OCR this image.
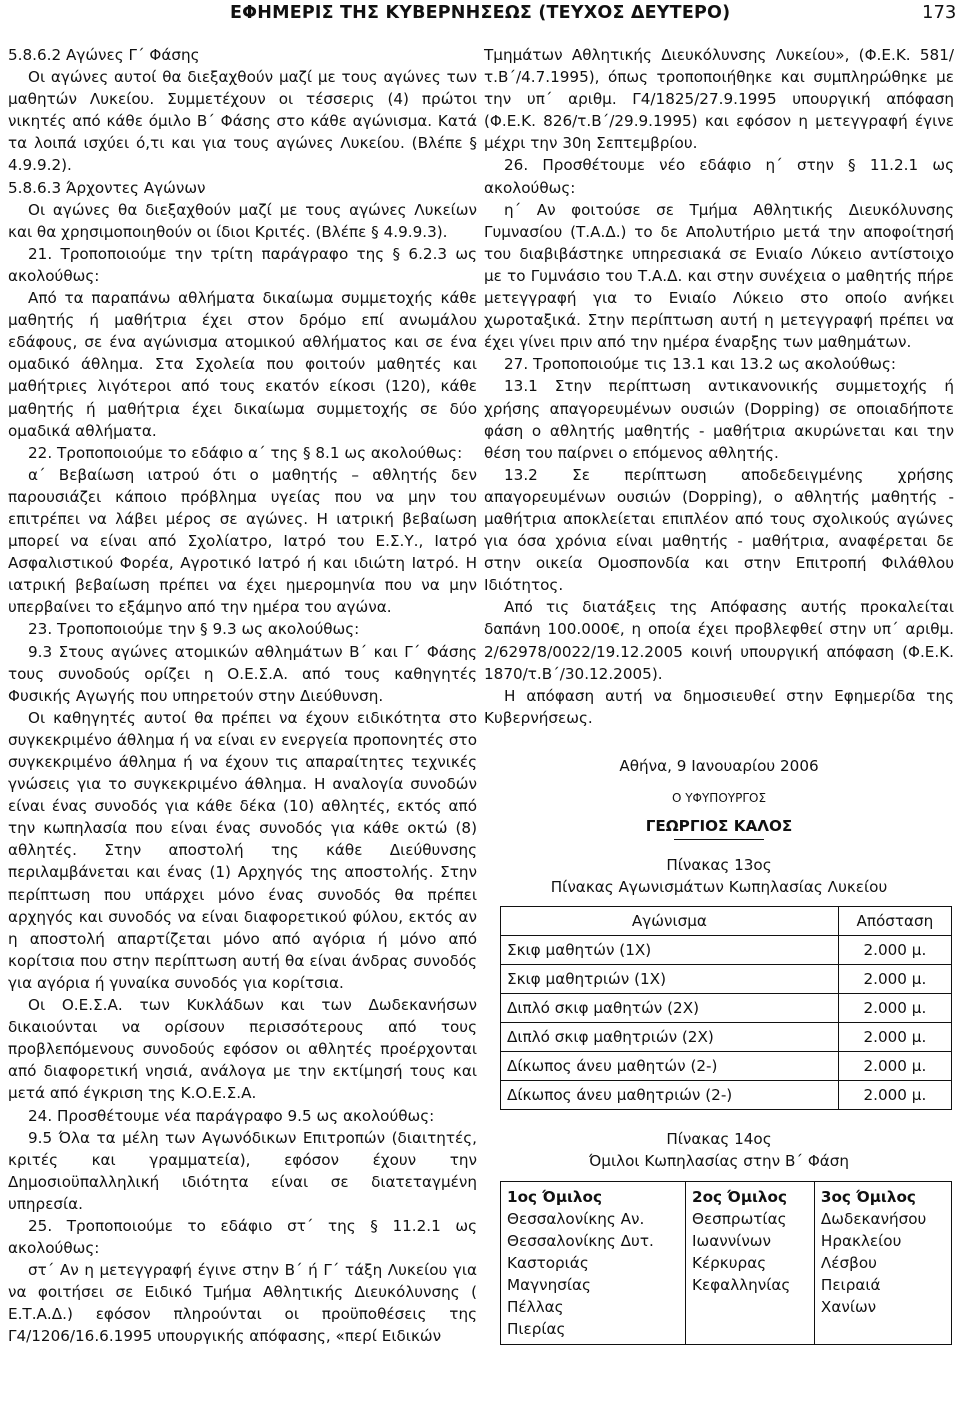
ΕΦΗΜΕΡΙΣ ΤΗΣ ΚΥΒΕΡΝΗΣΕΩΣ (ΤΕΥΧΟΣ ΔΕΥΤΕΡΟ)	173

5.8.6.2 Αγώνες Γ΄ Φάσης

Οι αγώνες αυτοί θα διεξαχθούν μαζί με τους αγώνες των μαθητών Λυκείου. Συμμετέχουν οι τέσσερις (4) πρώτοι νικητές από κάθε όμιλο Β΄ Φάσης στο κάθε αγώνισμα. Κατά τα λοιπά ισχύει ό,τι και για τους αγώνες Λυκείου. (Βλέπε § 4.9.9.2).

5.8.6.3 Άρχοντες Αγώνων

Οι αγώνες θα διεξαχθούν μαζί με τους αγώνες Λυκείων και θα χρησιμοποιηθούν οι ίδιοι Κριτές. (Βλέπε § 4.9.9.3).

21. Τροποποιούμε την τρίτη παράγραφο της § 6.2.3 ως ακολούθως:

Από τα παραπάνω αθλήματα δικαίωμα συμμετοχής κάθε μαθητής ή μαθήτρια έχει στον δρόμο επί ανωμάλου εδάφους, σε ένα αγώνισμα ατομικού αθλήματος και σε ένα ομαδικό άθλημα. Στα Σχολεία που φοιτούν μαθητές και μαθήτριες λιγότεροι από τους εκατόν είκοσι (120), κάθε μαθητής ή μαθήτρια έχει δικαίωμα συμμετοχής σε δύο ομαδικά αθλήματα.

22. Τροποποιούμε το εδάφιο α΄ της § 8.1 ως ακολούθως:

α΄ Βεβαίωση ιατρού ότι ο μαθητής – αθλητής δεν παρουσιάζει κάποιο πρόβλημα υγείας που να μην του επιτρέπει να λάβει μέρος σε αγώνες. Η ιατρική βεβαίωση μπορεί να είναι από Σχολίατρο, Ιατρό του Ε.Σ.Υ., Ιατρό Ασφαλιστικού Φορέα, Αγροτικό Ιατρό ή και ιδιώτη Ιατρό. Η ιατρική βεβαίωση πρέπει να έχει ημερομηνία που να μην υπερβαίνει το εξάμηνο από την ημέρα του αγώνα.

23. Τροποποιούμε την § 9.3 ως ακολούθως:

9.3 Στους αγώνες ατομικών αθλημάτων Β΄ και Γ΄ Φάσης τους συνοδούς ορίζει η Ο.Ε.Σ.Α. από τους καθηγητές Φυσικής Αγωγής που υπηρετούν στην Διεύθυνση.

Οι καθηγητές αυτοί θα πρέπει να έχουν ειδικότητα στο συγκεκριμένο άθλημα ή να είναι εν ενεργεία προπονητές στο συγκεκριμένο άθλημα ή να έχουν τις απαραίτητες τεχνικές γνώσεις για το συγκεκριμένο άθλημα. Η αναλογία συνοδών είναι ένας συνοδός για κάθε δέκα (10) αθλητές, εκτός από την κωπηλασία που είναι ένας συνοδός για κάθε οκτώ (8) αθλητές. Στην αποστολή της κάθε Διεύθυνσης περιλαμβάνεται και ένας (1) Αρχηγός της αποστολής. Στην περίπτωση που υπάρχει μόνο ένας συνοδός θα πρέπει αρχηγός και συνοδός να είναι διαφορετικού φύλου, εκτός αν η αποστολή απαρτίζεται μόνο από αγόρια ή μόνο από κορίτσια που στην περίπτωση αυτή θα είναι άνδρας συνοδός για αγόρια ή γυναίκα συνοδός για κορίτσια.

Οι Ο.Ε.Σ.Α. των Κυκλάδων και των Δωδεκανήσων δικαιούνται να ορίσουν περισσότερους από τους προβλεπόμενους συνοδούς εφόσον οι αθλητές προέρχονται από διαφορετική νησιά, ανάλογα με την εκτίμησή τους και μετά από έγκριση της Κ.Ο.Ε.Σ.Α.

24. Προσθέτουμε νέα παράγραφο 9.5 ως ακολούθως:

9.5 Όλα τα μέλη των Αγωνόδικων Επιτροπών (διαιτητές, κριτές και γραμματεία), εφόσον έχουν την Δημοσιοϋπαλληλική ιδιότητα είναι σε διατεταγμένη υπηρεσία.

25. Τροποποιούμε το εδάφιο στ΄ της § 11.2.1 ως ακολούθως:

στ΄ Αν η μετεγγραφή έγινε στην Β΄ ή Γ΄ τάξη Λυκείου για να φοιτήσει σε Ειδικό Τμήμα Αθλητικής Διευκόλυνσης ( Ε.Τ.Α.Δ.) εφόσον πληρούνται οι προϋποθέσεις της Γ4/1206/16.6.1995 υπουργικής απόφασης, «περί Ειδικών

Τμημάτων Αθλητικής Διευκόλυνσης Λυκείου», (Φ.Ε.Κ. 581/τ.Β΄/4.7.1995), όπως τροποποιήθηκε και συμπληρώθηκε με την υπ΄ αριθμ. Γ4/1825/27.9.1995 υπουργική απόφαση (Φ.Ε.Κ. 826/τ.Β΄/29.9.1995) και εφόσον η μετεγγραφή έγινε μέχρι την 30η Σεπτεμβρίου.

26. Προσθέτουμε νέο εδάφιο η΄ στην § 11.2.1 ως ακολούθως:

η΄ Αν φοιτούσε σε Τμήμα Αθλητικής Διευκόλυνσης Γυμνασίου (Τ.Α.Δ.) το δε Απολυτήριο μετά την αποφοίτησή του διαβιβάστηκε υπηρεσιακά σε Ενιαίο Λύκειο αντίστοιχο με το Γυμνάσιο του Τ.Α.Δ. και στην συνέχεια ο μαθητής πήρε μετεγγραφή για το Ενιαίο Λύκειο στο οποίο ανήκει χωροταξικά. Στην περίπτωση αυτή η μετεγγραφή πρέπει να έχει γίνει πριν από την ημέρα έναρξης των μαθημάτων.

27. Τροποποιούμε τις 13.1 και 13.2 ως ακολούθως:

13.1 Στην περίπτωση αντικανονικής συμμετοχής ή χρήσης απαγορευμένων ουσιών (Dopping) σε οποιαδήποτε φάση ο αθλητής μαθητής - μαθήτρια ακυρώνεται και την θέση του παίρνει ο επόμενος αθλητής.

13.2 Σε περίπτωση αποδεδειγμένης χρήσης απαγορευμένων ουσιών (Dopping), ο αθλητής μαθητής - μαθήτρια αποκλείεται επιπλέον από τους σχολικούς αγώνες για όσα χρόνια είναι μαθητής - μαθήτρια, αναφέρεται δε στην οικεία Ομοσπονδία και στην Επιτροπή Φιλάθλου Ιδιότητος.

Από τις διατάξεις της Απόφασης αυτής προκαλείται δαπάνη 100.000€, η οποία έχει προβλεφθεί στην υπ΄ αριθμ. 2/62978/0022/19.12.2005 κοινή υπουργική απόφαση (Φ.Ε.Κ. 1870/τ.Β΄/30.12.2005).

Η απόφαση αυτή να δημοσιευθεί στην Εφημερίδα της Κυβερνήσεως.

Αθήνα, 9 Ιανουαρίου 2006

Ο ΥΦΥΠΟΥΡΓΟΣ

ΓΕΩΡΓΙΟΣ ΚΑΛΟΣ

Πίνακας 13ος

Πίνακας Αγωνισμάτων Κωπηλασίας Λυκείου

Αγώνισμα	Απόσταση
Σκιφ μαθητών (1Χ)	2.000 μ.
Σκιφ μαθητριών (1Χ)	2.000 μ.
Διπλό σκιφ μαθητών (2Χ)	2.000 μ.
Διπλό σκιφ μαθητριών (2Χ)	2.000 μ.
Δίκωπος άνευ μαθητών (2-)	2.000 μ.
Δίκωπος άνευ μαθητριών (2-)	2.000 μ.

Πίνακας 14ος

Όμιλοι Κωπηλασίας στην Β΄ Φάση

1ος Όμιλος
Θεσσαλονίκης Αν.
Θεσσαλονίκης Δυτ.
Καστοριάς
Μαγνησίας
Πέλλας
Πιερίας

2ος Όμιλος
Θεσπρωτίας
Ιωαννίνων
Κέρκυρας
Κεφαλληνίας

3ος Όμιλος
Δωδεκανήσου
Ηρακλείου
Λέσβου
Πειραιά
Χανίων
